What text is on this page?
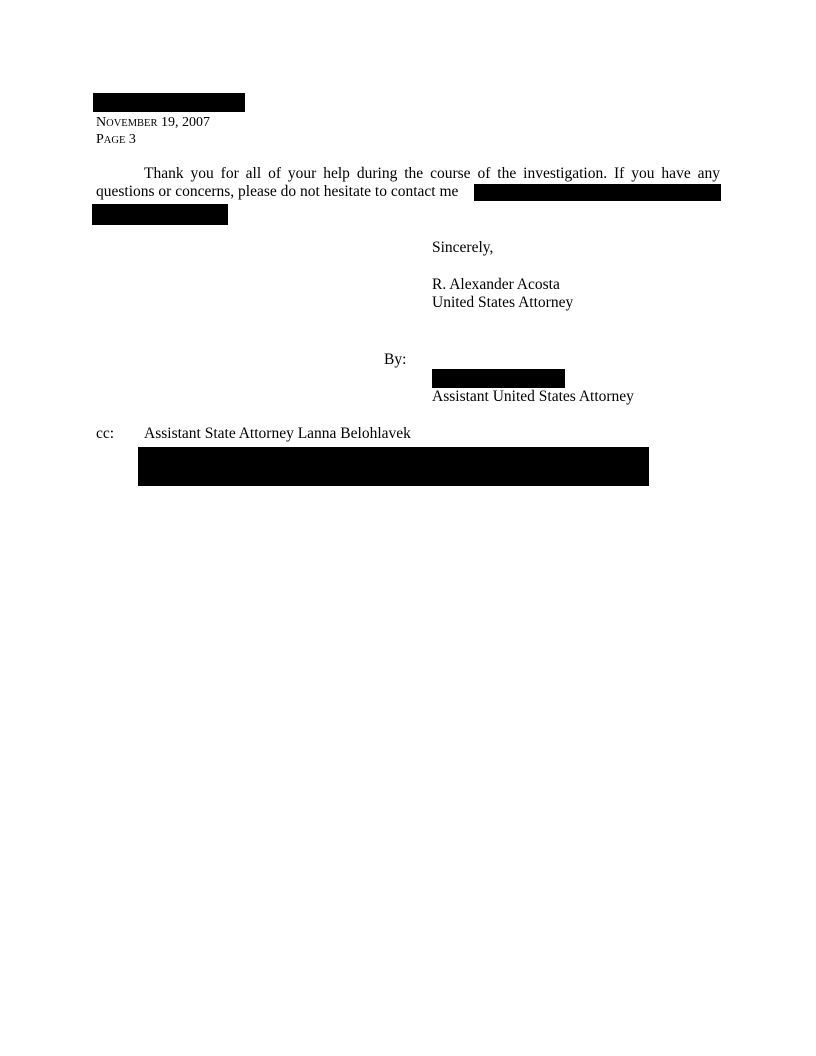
NOVEMBER 19, 2007
PAGE 3
Thank you for all of your help during the course of the investigation. If you have any
questions or concerns, please do not hesitate to contact me
Sincerely,
R. Alexander Acosta
United States Attorney
By:
Assistant United States Attorney
cc: Assistant State Attorney Lanna Belohlavek
